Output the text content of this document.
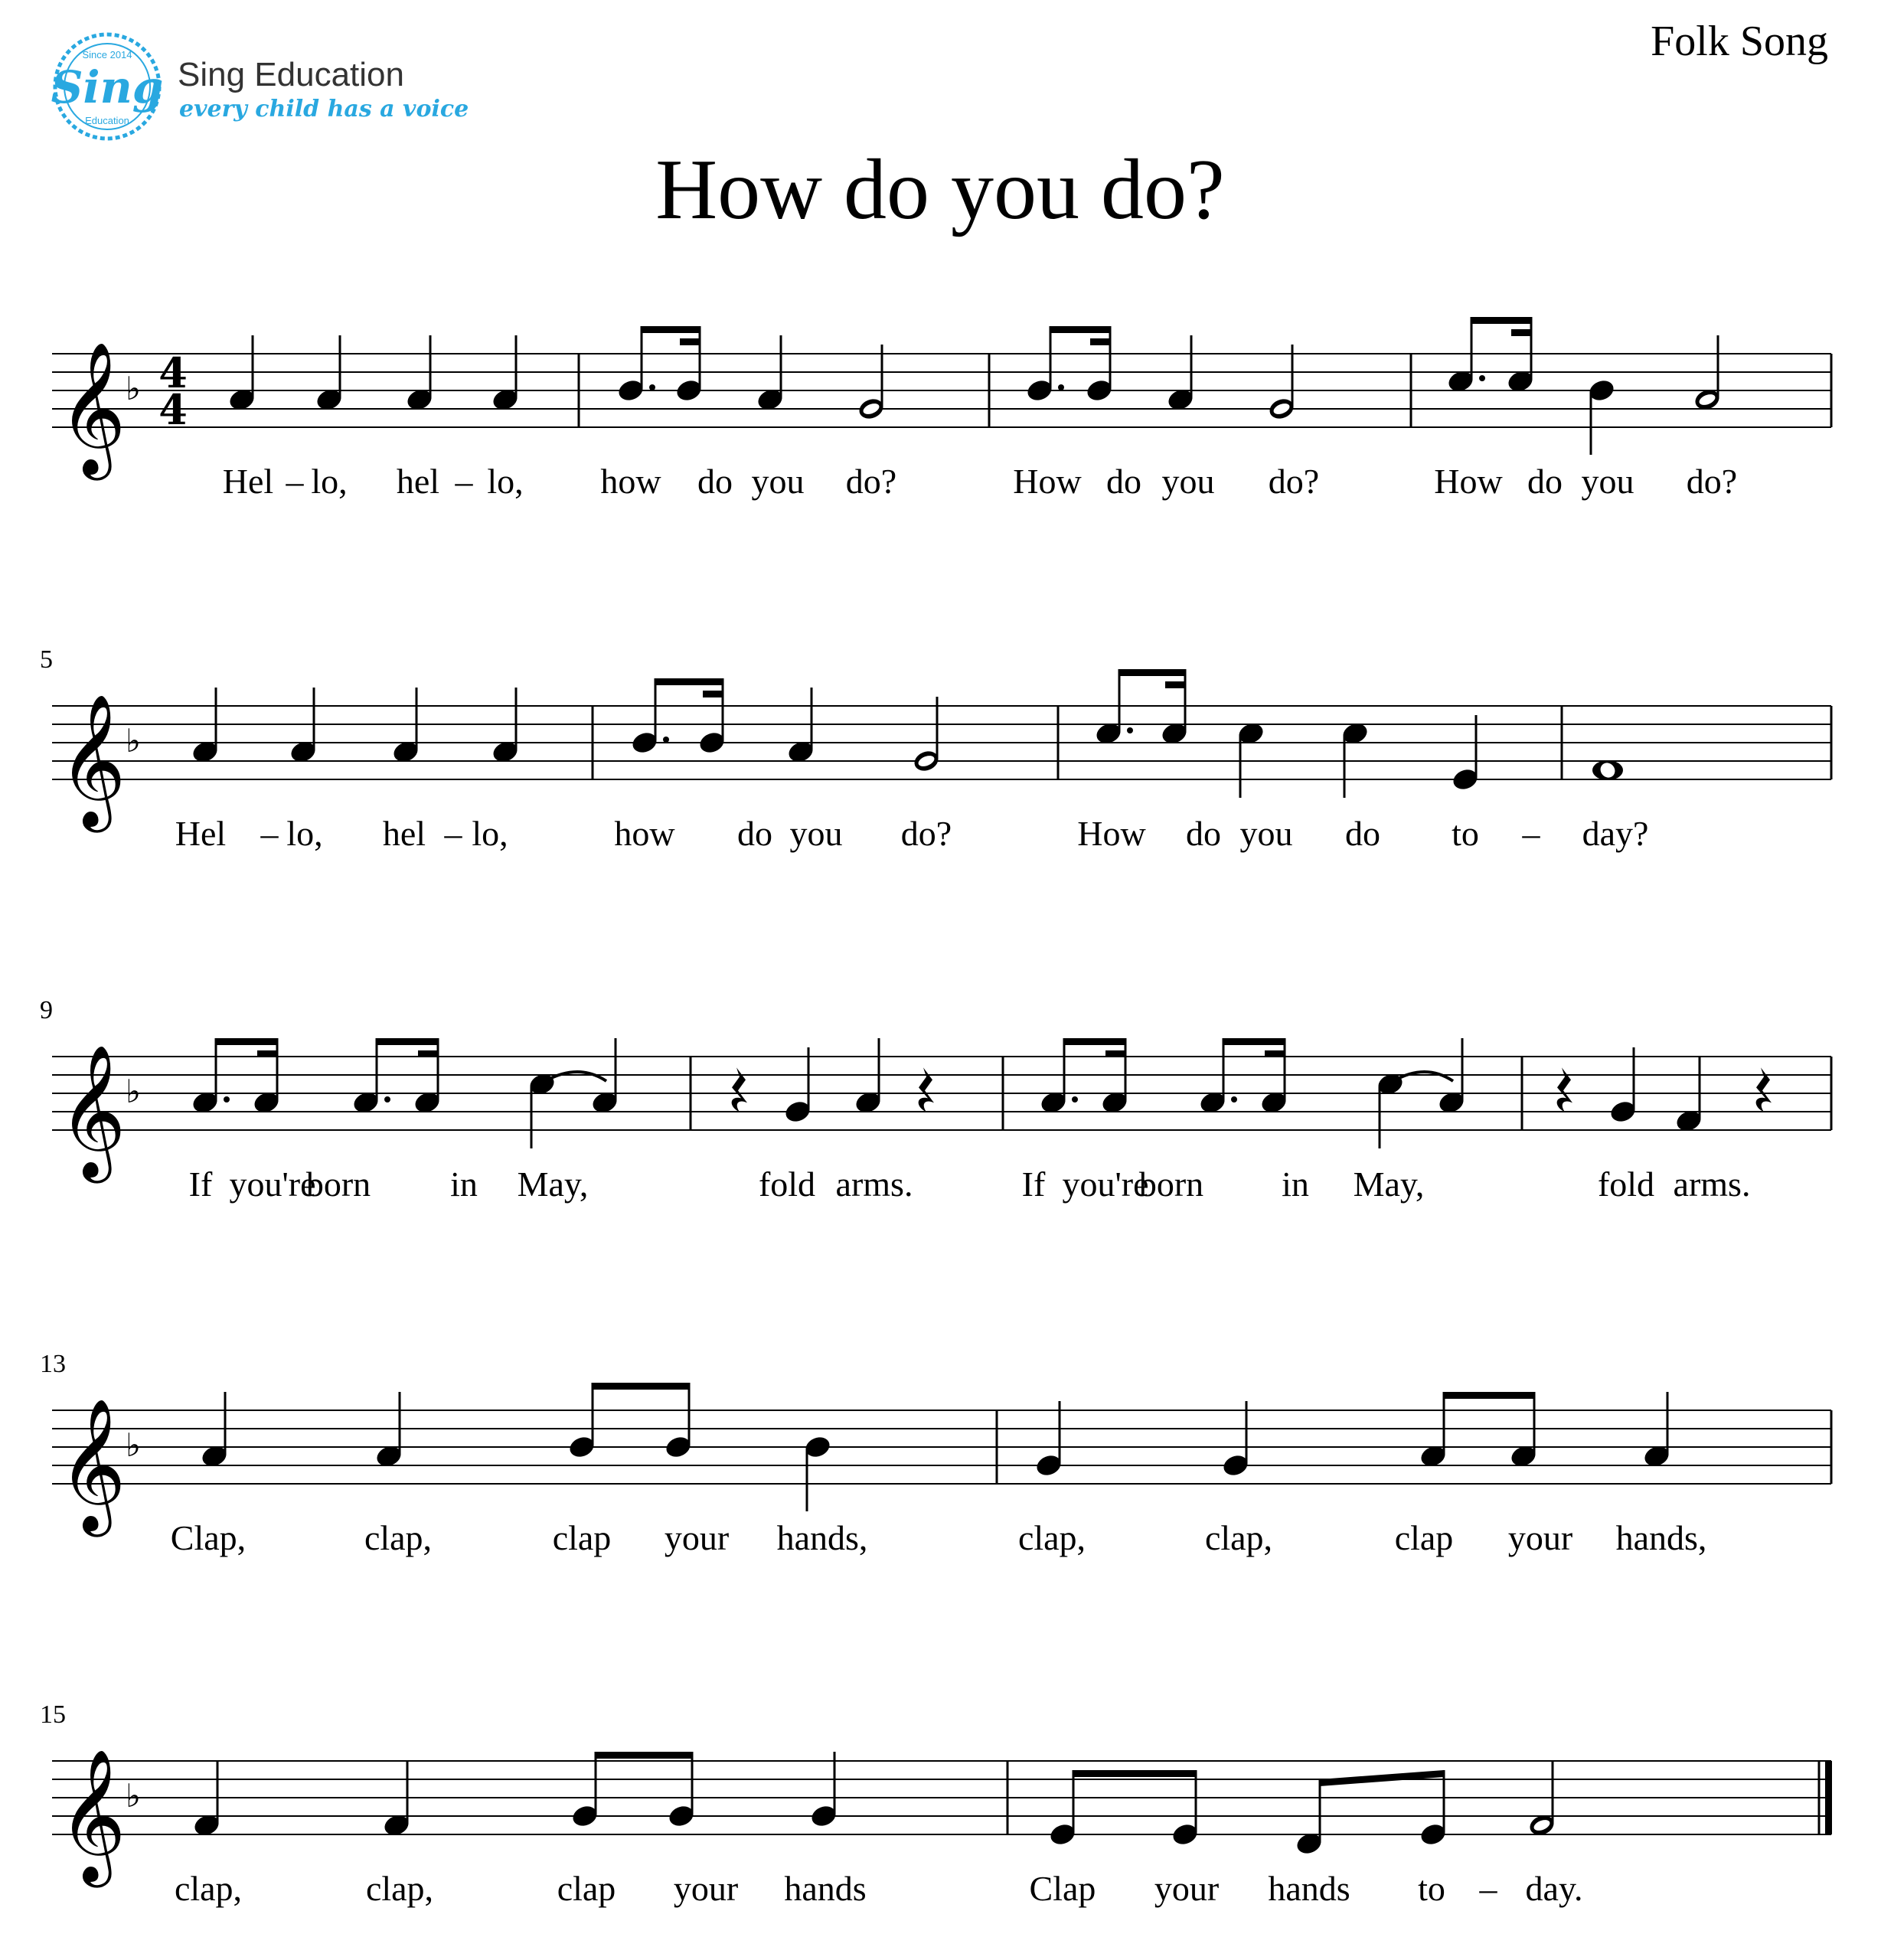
Sing
Since 2014
Education
Sing Education
every child has a voice
Folk Song
How do you do?
𝄞 ♭ 4
4
Hel – lo, hel – lo, how do you do?	How do you do?	How do you do?
𝄞 ♭
5
Hel – lo, hel – lo,	how do you do?	How do you do to – day?
𝄞 ♭
9
If you're
born in May,	fold arms.	If you're
born in May,	fold arms.
𝄞 ♭
13
Clap,	clap,	clap your hands,	clap,	clap,	clap your hands,
𝄞 ♭
15
clap,	clap,	clap your hands	Clap your hands to – day.
